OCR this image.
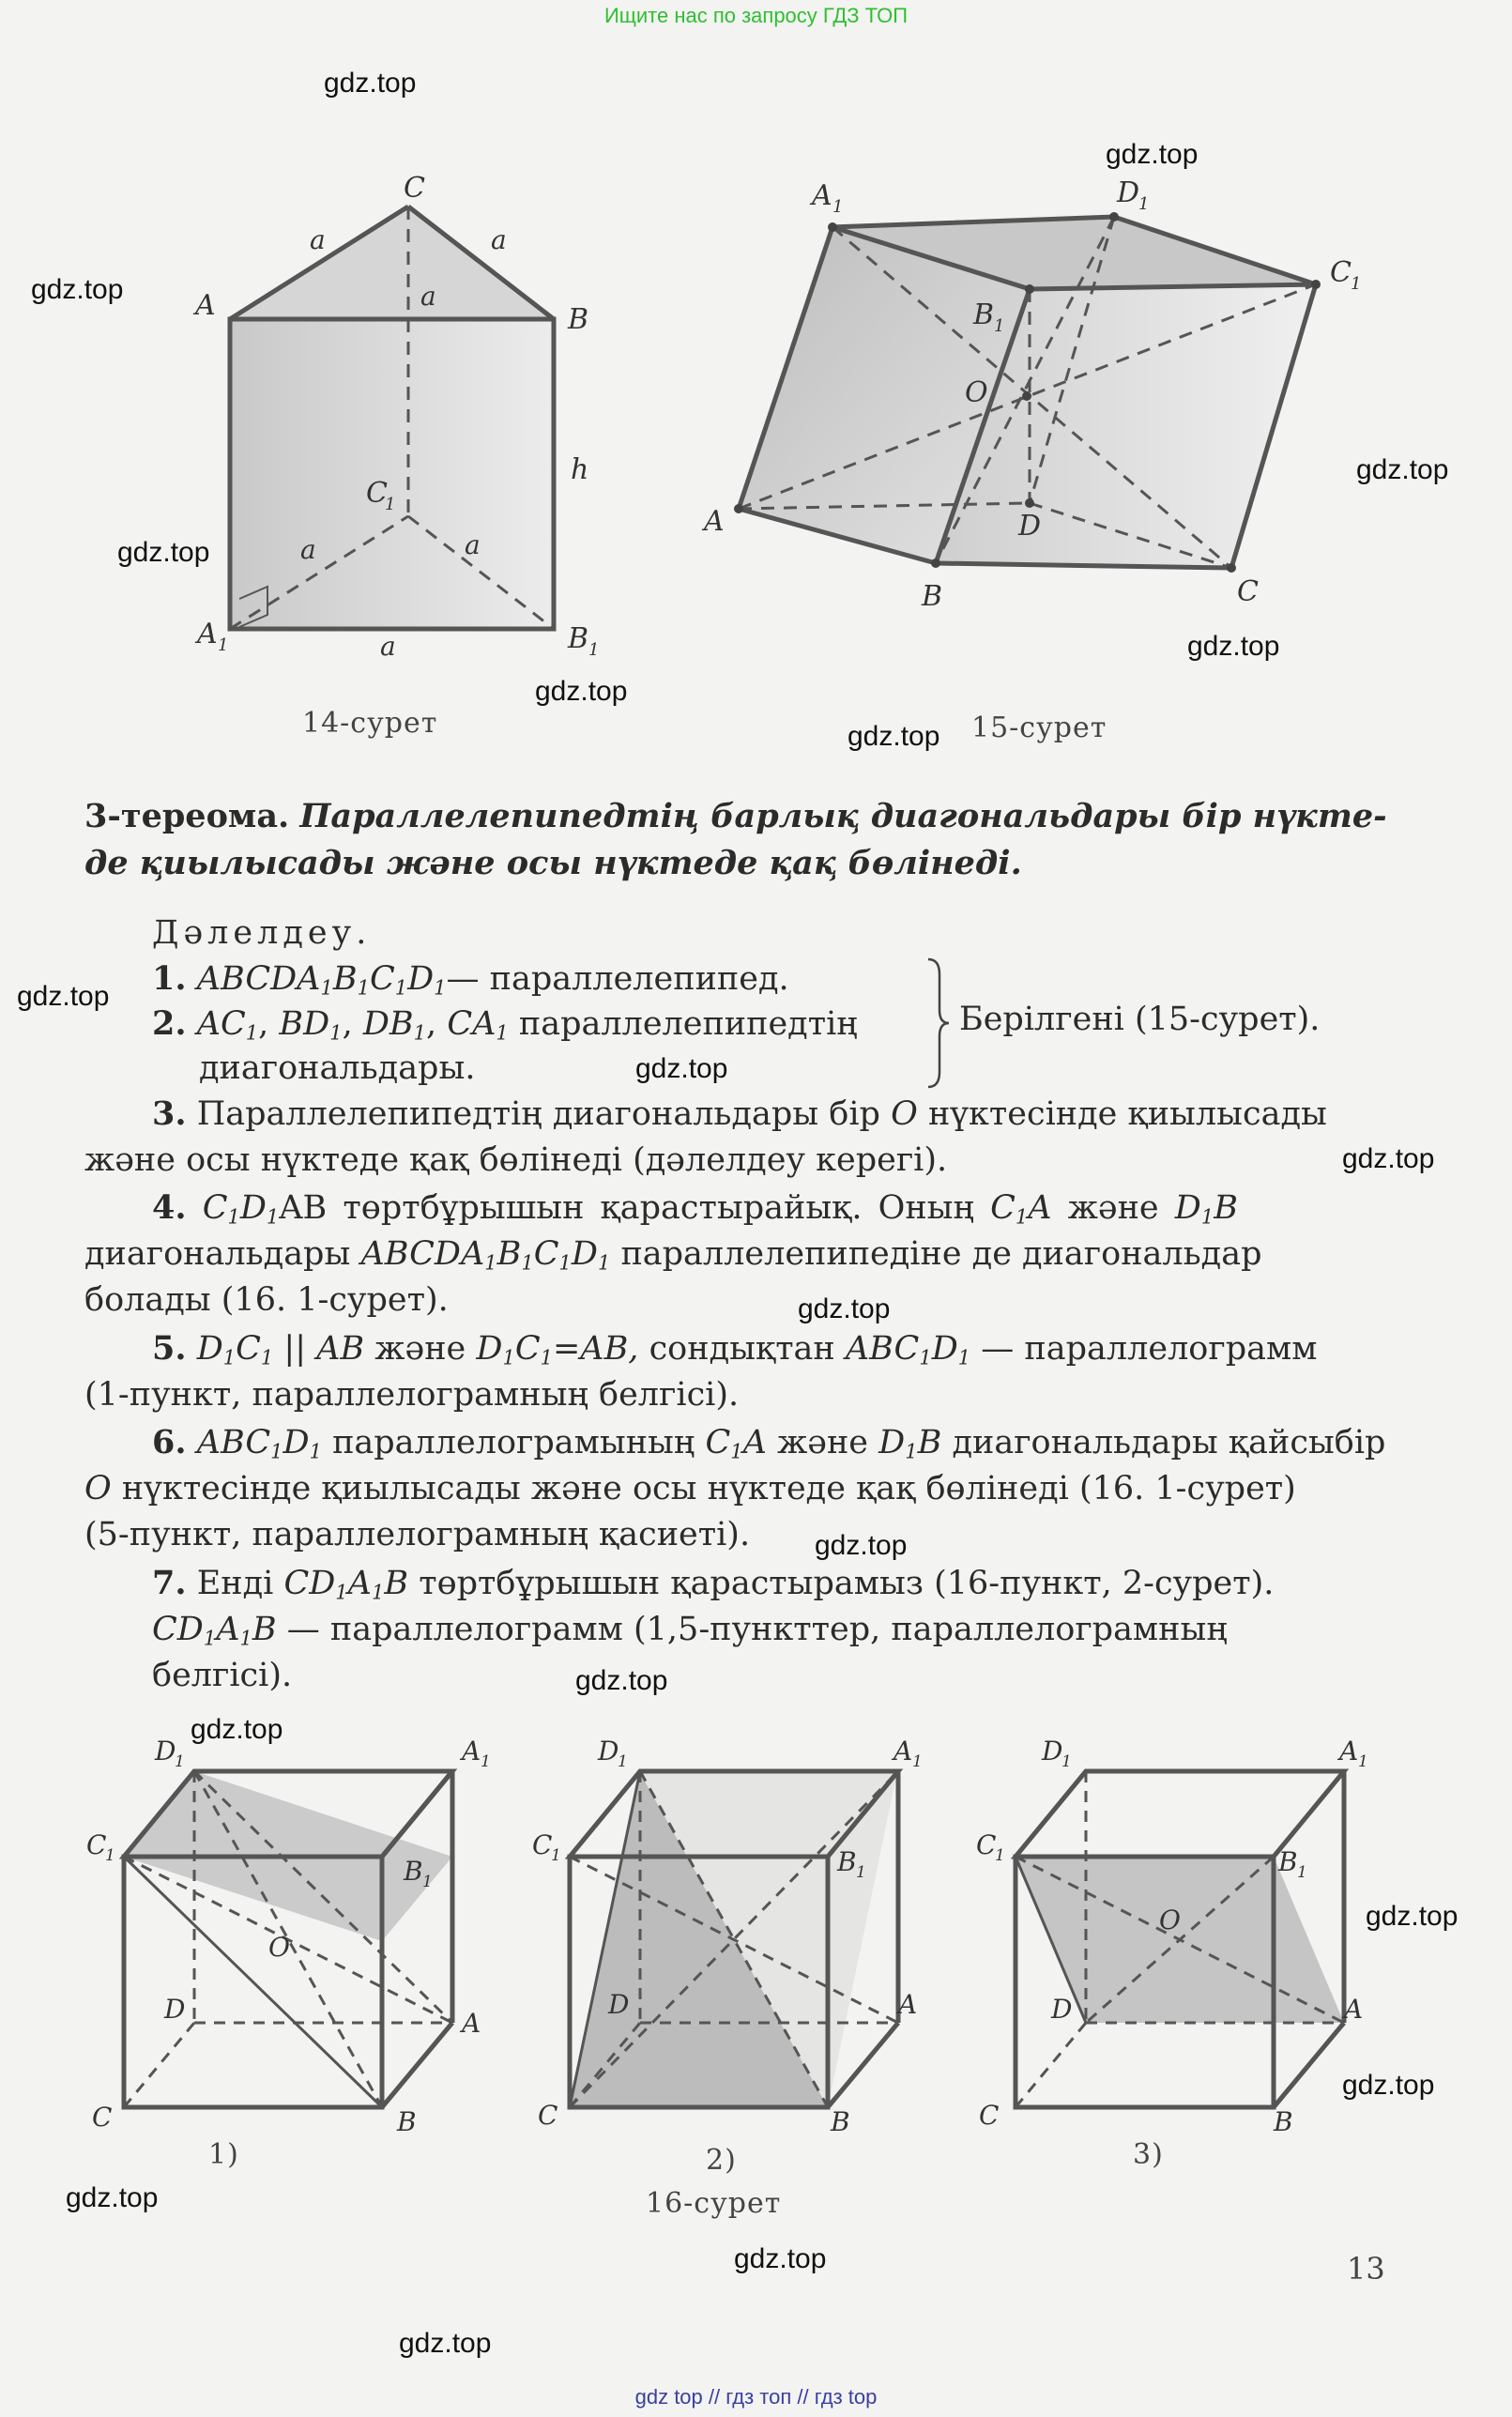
Ищите нас по запросу ГДЗ ТОП
gdz top // гдз топ // гдз top
gdz.top
gdz.top
gdz.top
gdz.top
gdz.top
gdz.top
gdz.top
gdz.top
gdz.top
gdz.top
gdz.top
gdz.top
gdz.top
gdz.top
gdz.top
gdz.top
gdz.top
gdz.top
gdz.top
gdz.top
C
A	B
a	a
a
h
C
1
a	a
A 1	a	B 1
14-сурет
A 1	D
1
C 1
B 1
O
D
A
B	C
15-сурет
3-тереома. Параллелепипедтің барлық диагональдары бір нүкте-
де қиылысады және осы нүктеде қақ бөлінеді.
Дәлелдеу.
1. $ABCDA_1B_1C_1D_1—$ параллелепипед.
2. $AC_1$, $BD_1$, $DB_1$, $CA_1$ параллелепипедтің
диагональдары.
Берілгені (15-сурет).
3. Параллелепипедтің диагональдары бір O нүктесінде қиылысады
және осы нүктеде қақ бөлінеді (дәлелдеу керегі).
4. $C_1D_1AB$ төртбұрышын қарастырайық. Оның $C_1A$ және $D_1B$
диагональдары $ABCDA_1B_1C_1D_1$ параллелепипедіне де диагональдар
болады (16. 1-сурет).
5. $D_1C_1$ || AB және $D_1C_1=AB$, сондықтан $ABC_1D_1$ — параллелограмм
(1-пункт, параллелограмның белгісі).
6. $ABC_1D_1$ параллелограмының $C_1A$ және $D_1B$ диагональдары қайсыбір
O нүктесінде қиылысады және осы нүктеде қақ бөлінеді (16. 1-сурет)
(5-пункт, параллелограмның қасиеті).
7. Енді $CD_1A_1B$ төртбұрышын қарастырамыз (16-пункт, 2-сурет).
$CD_1A_1B$ — параллелограмм (1,5-пункттер, параллелограмның
белгісі).
D
1	A 1
C
1	B 1
O
D	A
C	B
D
1	A 1
C
1	B 1
D	A
C	B
D
1	A 1
C
1	B 1
O
D	A
C	B
1)	2)	3)
16-сурет
13
